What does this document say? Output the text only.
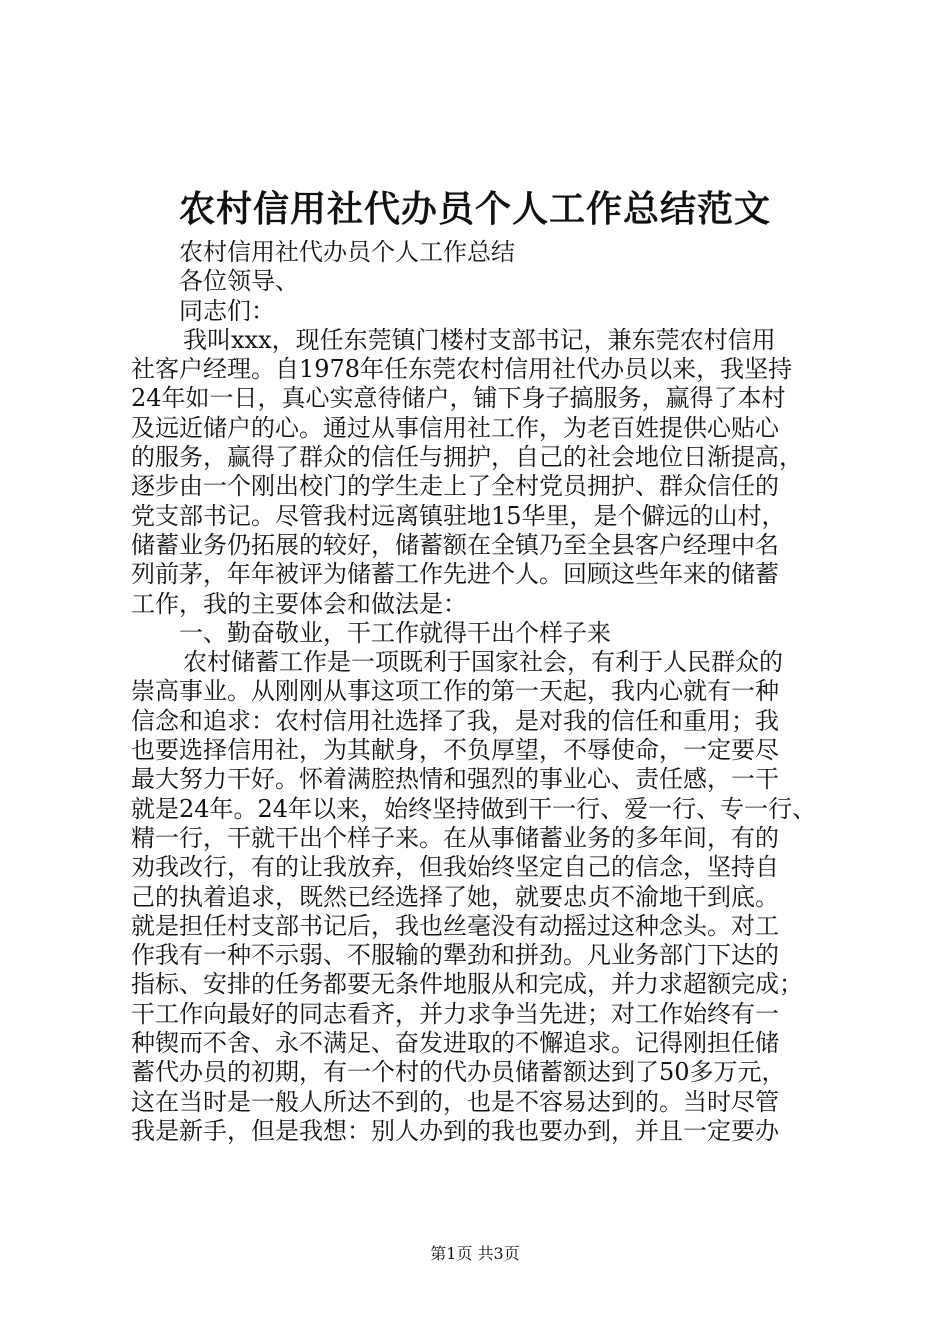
农村信用社代办员个人工作总结范文
农村信用社代办员个人工作总结
各位领导、
同志们：
我叫xxx，现任东莞镇门楼村支部书记，兼东莞农村信用
社客户经理。自1978年任东莞农村信用社代办员以来，我坚持
24年如一日，真心实意待储户，铺下身子搞服务，赢得了本村
及远近储户的心。通过从事信用社工作，为老百姓提供心贴心
的服务，赢得了群众的信任与拥护，自己的社会地位日渐提高，
逐步由一个刚出校门的学生走上了全村党员拥护、群众信任的
党支部书记。尽管我村远离镇驻地15华里，是个僻远的山村，
储蓄业务仍拓展的较好，储蓄额在全镇乃至全县客户经理中名
列前茅，年年被评为储蓄工作先进个人。回顾这些年来的储蓄
工作，我的主要体会和做法是：
一、勤奋敬业，干工作就得干出个样子来
农村储蓄工作是一项既利于国家社会，有利于人民群众的
崇高事业。从刚刚从事这项工作的第一天起，我内心就有一种
信念和追求：农村信用社选择了我，是对我的信任和重用；我
也要选择信用社，为其献身，不负厚望，不辱使命，一定要尽
最大努力干好。怀着满腔热情和强烈的事业心、责任感，一干
就是24年。24年以来，始终坚持做到干一行、爱一行、专一行、
精一行，干就干出个样子来。在从事储蓄业务的多年间，有的
劝我改行，有的让我放弃，但我始终坚定自己的信念，坚持自
己的执着追求，既然已经选择了她，就要忠贞不渝地干到底。
就是担任村支部书记后，我也丝毫没有动摇过这种念头。对工
作我有一种不示弱、不服输的犟劲和拼劲。凡业务部门下达的
指标、安排的任务都要无条件地服从和完成，并力求超额完成；
干工作向最好的同志看齐，并力求争当先进；对工作始终有一
种锲而不舍、永不满足、奋发进取的不懈追求。记得刚担任储
蓄代办员的初期，有一个村的代办员储蓄额达到了50多万元，
这在当时是一般人所达不到的，也是不容易达到的。当时尽管
我是新手，但是我想：别人办到的我也要办到，并且一定要办
第1页 共3页
